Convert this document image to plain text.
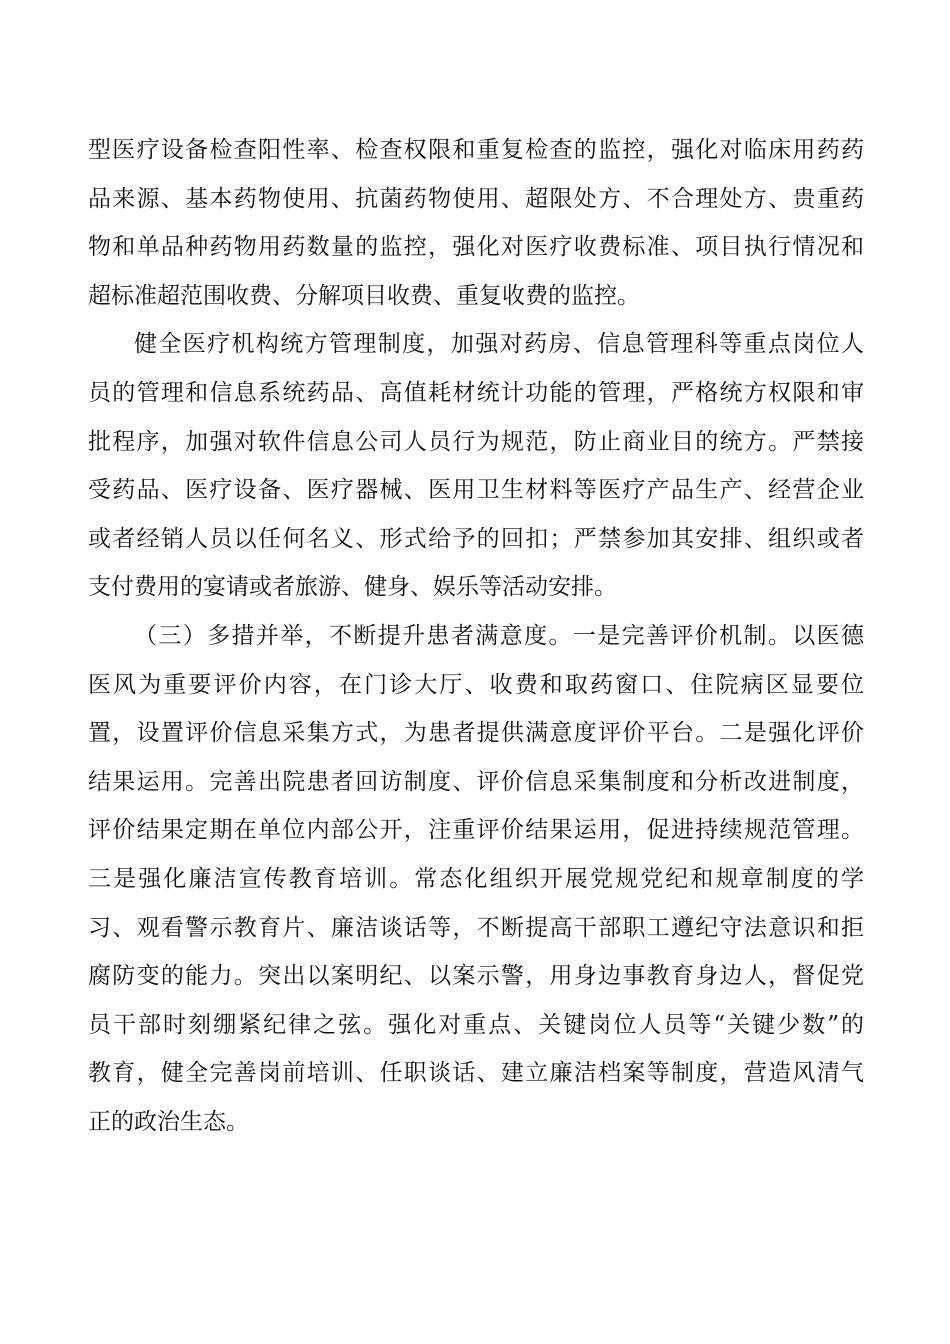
型医疗设备检查阳性率、检查权限和重复检查的监控，强化对临床用药药
品来源、基本药物使用、抗菌药物使用、超限处方、不合理处方、贵重药
物和单品种药物用药数量的监控，强化对医疗收费标准、项目执行情况和
超标准超范围收费、分解项目收费、重复收费的监控。
健全医疗机构统方管理制度，加强对药房、信息管理科等重点岗位人
员的管理和信息系统药品、高值耗材统计功能的管理，严格统方权限和审
批程序，加强对软件信息公司人员行为规范，防止商业目的统方。严禁接
受药品、医疗设备、医疗器械、医用卫生材料等医疗产品生产、经营企业
或者经销人员以任何名义、形式给予的回扣；严禁参加其安排、组织或者
支付费用的宴请或者旅游、健身、娱乐等活动安排。
（三）多措并举，不断提升患者满意度。一是完善评价机制。以医德
医风为重要评价内容，在门诊大厅、收费和取药窗口、住院病区显要位
置，设置评价信息采集方式，为患者提供满意度评价平台。二是强化评价
结果运用。完善出院患者回访制度、评价信息采集制度和分析改进制度，
评价结果定期在单位内部公开，注重评价结果运用，促进持续规范管理。
三是强化廉洁宣传教育培训。常态化组织开展党规党纪和规章制度的学
习、观看警示教育片、廉洁谈话等，不断提高干部职工遵纪守法意识和拒
腐防变的能力。突出以案明纪、以案示警，用身边事教育身边人，督促党
员干部时刻绷紧纪律之弦。强化对重点、关键岗位人员等“关键少数”的
教育，健全完善岗前培训、任职谈话、建立廉洁档案等制度，营造风清气
正的政治生态。
